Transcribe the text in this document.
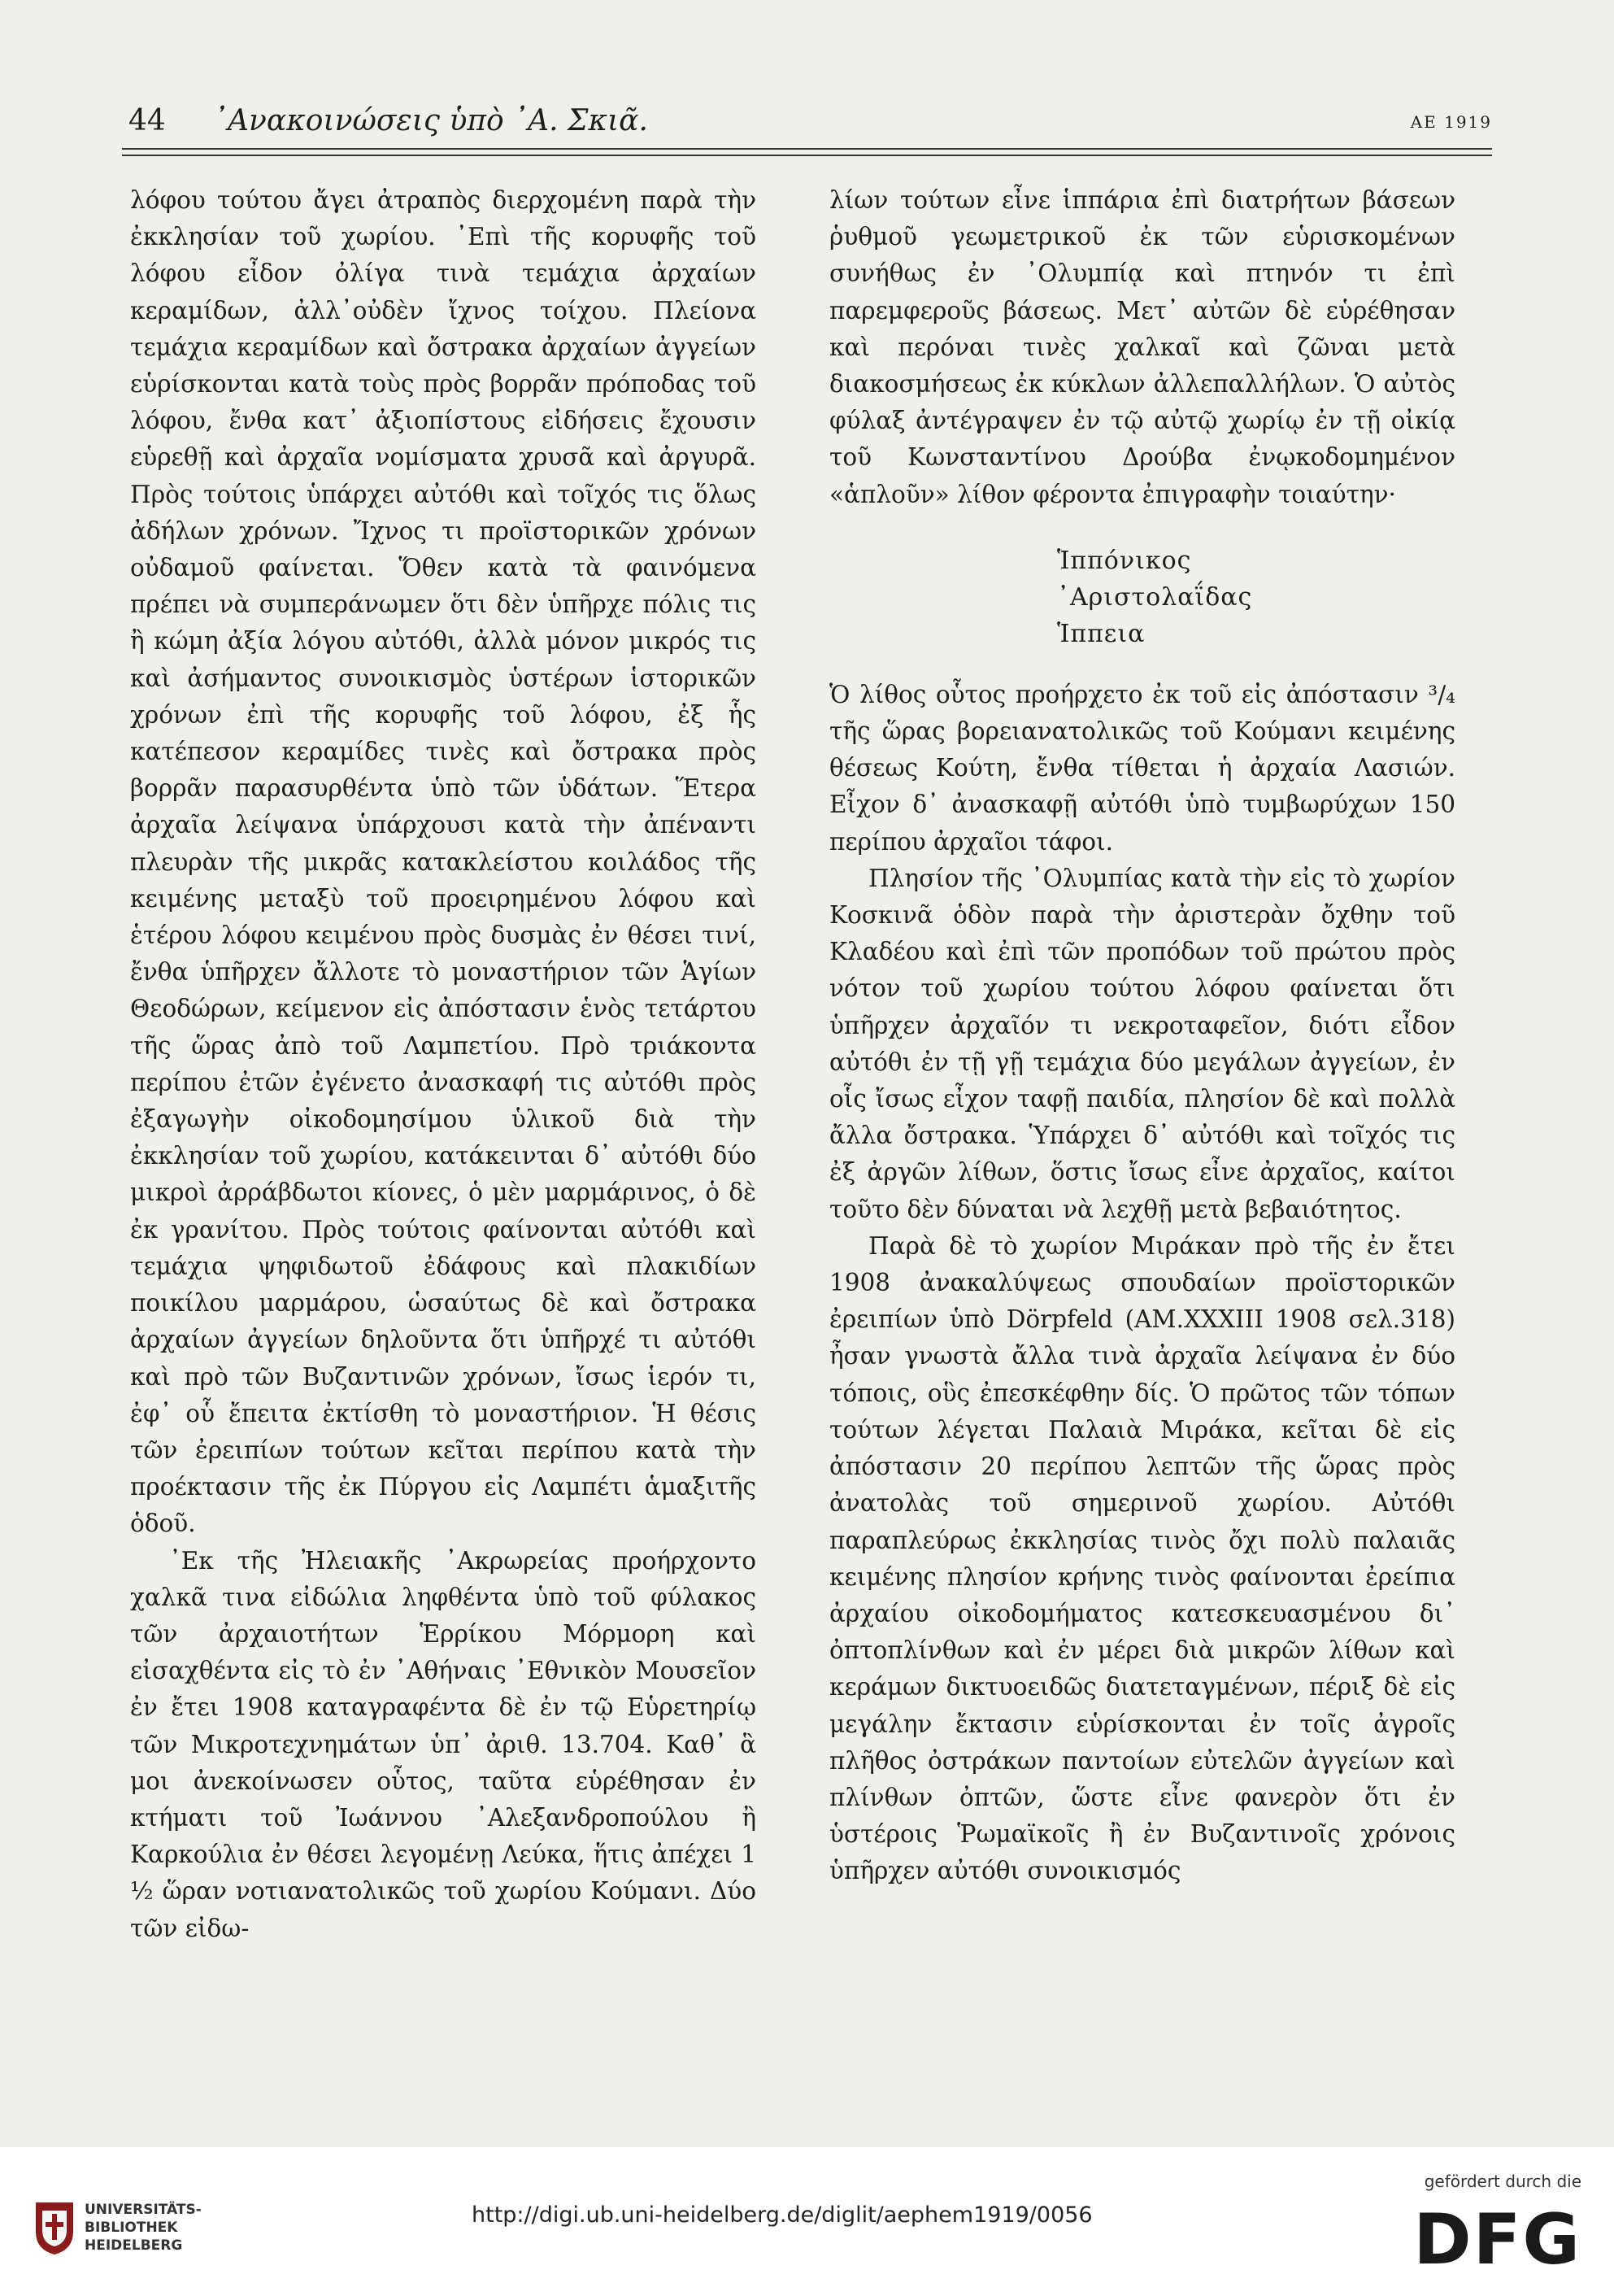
44 ᾿Ανακοινώσεις ὑπὸ ᾿Α. Σκιᾶ.	ΑΕ 1919

λόφου τούτου ἄγει ἀτραπὸς διερχομένη παρὰ τὴν ἐκκλησίαν τοῦ χωρίου. ᾿Επὶ τῆς κορυφῆς τοῦ λόφου εἶδον ὀλίγα τινὰ τεμάχια ἀρχαίων κεραμίδων, ἀλλ᾿οὐδὲν ἴχνος τοίχου. Πλείονα τεμάχια κεραμίδων καὶ ὄστρακα ἀρχαίων ἀγγείων εὑρίσκονται κατὰ τοὺς πρὸς βορρᾶν πρόποδας τοῦ λόφου, ἔνθα κατ᾿ ἀξιοπίστους εἰδήσεις ἔχουσιν εὑρεθῇ καὶ ἀρχαῖα νομίσματα χρυσᾶ καὶ ἀργυρᾶ. Πρὸς τούτοις ὑπάρχει αὐτόθι καὶ τοῖχός τις ὅλως ἀδήλων χρόνων. Ἴχνος τι προϊστορικῶν χρόνων οὐδαμοῦ φαίνεται. Ὅθεν κατὰ τὰ φαινόμενα πρέπει νὰ συμπεράνωμεν ὅτι δὲν ὑπῆρχε πόλις τις ἢ κώμη ἀξία λόγου αὐτόθι, ἀλλὰ μόνον μικρός τις καὶ ἀσήμαντος συνοικισμὸς ὑστέρων ἱστορικῶν χρόνων ἐπὶ τῆς κορυφῆς τοῦ λόφου, ἐξ ἧς κατέπεσον κεραμίδες τινὲς καὶ ὄστρακα πρὸς βορρᾶν παρασυρθέντα ὑπὸ τῶν ὑδάτων. Ἕτερα ἀρχαῖα λείψανα ὑπάρχουσι κατὰ τὴν ἀπέναντι πλευρὰν τῆς μικρᾶς κατακλείστου κοιλάδος τῆς κειμένης μεταξὺ τοῦ προειρημένου λόφου καὶ ἑτέρου λόφου κειμένου πρὸς δυσμὰς ἐν θέσει τινί, ἔνθα ὑπῆρχεν ἄλλοτε τὸ μοναστήριον τῶν Ἁγίων Θεοδώρων, κείμενον εἰς ἀπόστασιν ἑνὸς τετάρτου τῆς ὥρας ἀπὸ τοῦ Λαμπετίου. Πρὸ τριάκοντα περίπου ἐτῶν ἐγένετο ἀνασκαφή τις αὐτόθι πρὸς ἐξαγωγὴν οἰκοδομησίμου ὑλικοῦ διὰ τὴν ἐκκλησίαν τοῦ χωρίου, κατάκεινται δ᾿ αὐτόθι δύο μικροὶ ἀρράβδωτοι κίονες, ὁ μὲν μαρμάρινος, ὁ δὲ ἐκ γρανίτου. Πρὸς τούτοις φαίνονται αὐτόθι καὶ τεμάχια ψηφιδωτοῦ ἐδάφους καὶ πλακιδίων ποικίλου μαρμάρου, ὡσαύτως δὲ καὶ ὄστρακα ἀρχαίων ἀγγείων δηλοῦντα ὅτι ὑπῆρχέ τι αὐτόθι καὶ πρὸ τῶν Βυζαντινῶν χρόνων, ἴσως ἱερόν τι, ἐφ᾿ οὗ ἔπειτα ἐκτίσθη τὸ μοναστήριον. Ἡ θέσις τῶν ἐρειπίων τούτων κεῖται περίπου κατὰ τὴν προέκτασιν τῆς ἐκ Πύργου εἰς Λαμπέτι ἁμαξιτῆς ὁδοῦ.

᾿Εκ τῆς Ἠλειακῆς ᾿Ακρωρείας προήρχοντο χαλκᾶ τινα εἰδώλια ληφθέντα ὑπὸ τοῦ φύλακος τῶν ἀρχαιοτήτων Ἑρρίκου Μόρμορη καὶ εἰσαχθέντα εἰς τὸ ἐν ᾿Αθήναις ᾿Εθνικὸν Μουσεῖον ἐν ἔτει 1908 καταγραφέντα δὲ ἐν τῷ Εὑρετηρίῳ τῶν Μικροτεχνημάτων ὑπ᾿ ἀριθ. 13.704. Καθ᾿ ἃ μοι ἀνεκοίνωσεν οὗτος, ταῦτα εὑρέθησαν ἐν κτήματι τοῦ Ἰωάννου ᾿Αλεξανδροπούλου ἢ Καρκούλια ἐν θέσει λεγομένῃ Λεύκα, ἥτις ἀπέχει 1 ½ ὥραν νοτιανατολικῶς τοῦ χωρίου Κούμανι. Δύο τῶν εἰδω-

λίων τούτων εἶνε ἱππάρια ἐπὶ διατρήτων βάσεων ῥυθμοῦ γεωμετρικοῦ ἐκ τῶν εὑρισκομένων συνήθως ἐν ᾿Ολυμπίᾳ καὶ πτηνόν τι ἐπὶ παρεμφεροῦς βάσεως. Μετ᾿ αὐτῶν δὲ εὑρέθησαν καὶ περόναι τινὲς χαλκαῖ καὶ ζῶναι μετὰ διακοσμήσεως ἐκ κύκλων ἀλλεπαλλήλων. Ὁ αὐτὸς φύλαξ ἀντέγραψεν ἐν τῷ αὐτῷ χωρίῳ ἐν τῇ οἰκίᾳ τοῦ Κωνσταντίνου Δρούβα ἐνῳκοδομημένον «ἁπλοῦν» λίθον φέροντα ἐπιγραφὴν τοιαύτην·

Ἱππόνικος
᾿Αριστολαΐδας
Ἱππεια

Ὁ λίθος οὗτος προήρχετο ἐκ τοῦ εἰς ἀπόστασιν ³/₄ τῆς ὥρας βορειανατολικῶς τοῦ Κούμανι κειμένης θέσεως Κούτη, ἔνθα τίθεται ἡ ἀρχαία Λασιών. Εἶχον δ᾿ ἀνασκαφῇ αὐτόθι ὑπὸ τυμβωρύχων 150 περίπου ἀρχαῖοι τάφοι.

Πλησίον τῆς ᾿Ολυμπίας κατὰ τὴν εἰς τὸ χωρίον Κοσκινᾶ ὁδὸν παρὰ τὴν ἀριστερὰν ὄχθην τοῦ Κλαδέου καὶ ἐπὶ τῶν προπόδων τοῦ πρώτου πρὸς νότον τοῦ χωρίου τούτου λόφου φαίνεται ὅτι ὑπῆρχεν ἀρχαῖόν τι νεκροταφεῖον, διότι εἶδον αὐτόθι ἐν τῇ γῇ τεμάχια δύο μεγάλων ἀγγείων, ἐν οἷς ἴσως εἶχον ταφῇ παιδία, πλησίον δὲ καὶ πολλὰ ἄλλα ὄστρακα. Ὑπάρχει δ᾿ αὐτόθι καὶ τοῖχός τις ἐξ ἀργῶν λίθων, ὅστις ἴσως εἶνε ἀρχαῖος, καίτοι τοῦτο δὲν δύναται νὰ λεχθῇ μετὰ βεβαιότητος.

Παρὰ δὲ τὸ χωρίον Μιράκαν πρὸ τῆς ἐν ἔτει 1908 ἀνακαλύψεως σπουδαίων προϊστορικῶν ἐρειπίων ὑπὸ Dörpfeld (ΑΜ.XXXIII 1908 σελ.318) ἦσαν γνωστὰ ἄλλα τινὰ ἀρχαῖα λείψανα ἐν δύο τόποις, οὓς ἐπεσκέφθην δίς. Ὁ πρῶτος τῶν τόπων τούτων λέγεται Παλαιὰ Μιράκα, κεῖται δὲ εἰς ἀπόστασιν 20 περίπου λεπτῶν τῆς ὥρας πρὸς ἀνατολὰς τοῦ σημερινοῦ χωρίου. Αὐτόθι παραπλεύρως ἐκκλησίας τινὸς ὄχι πολὺ παλαιᾶς κειμένης πλησίον κρήνης τινὸς φαίνονται ἐρείπια ἀρχαίου οἰκοδομήματος κατεσκευασμένου δι᾿ ὀπτοπλίνθων καὶ ἐν μέρει διὰ μικρῶν λίθων καὶ κεράμων δικτυοειδῶς διατεταγμένων, πέριξ δὲ εἰς μεγάλην ἔκτασιν εὑρίσκονται ἐν τοῖς ἀγροῖς πλῆθος ὀστράκων παντοίων εὐτελῶν ἀγγείων καὶ πλίνθων ὀπτῶν, ὥστε εἶνε φανερὸν ὅτι ἐν ὑστέροις Ῥωμαϊκοῖς ἢ ἐν Βυζαντινοῖς χρόνοις ὑπῆρχεν αὐτόθι συνοικισμός

UNIVERSITÄTS-
BIBLIOTHEK
HEIDELBERG
http://digi.ub.uni-heidelberg.de/diglit/aephem1919/0056
gefördert durch die
DFG
